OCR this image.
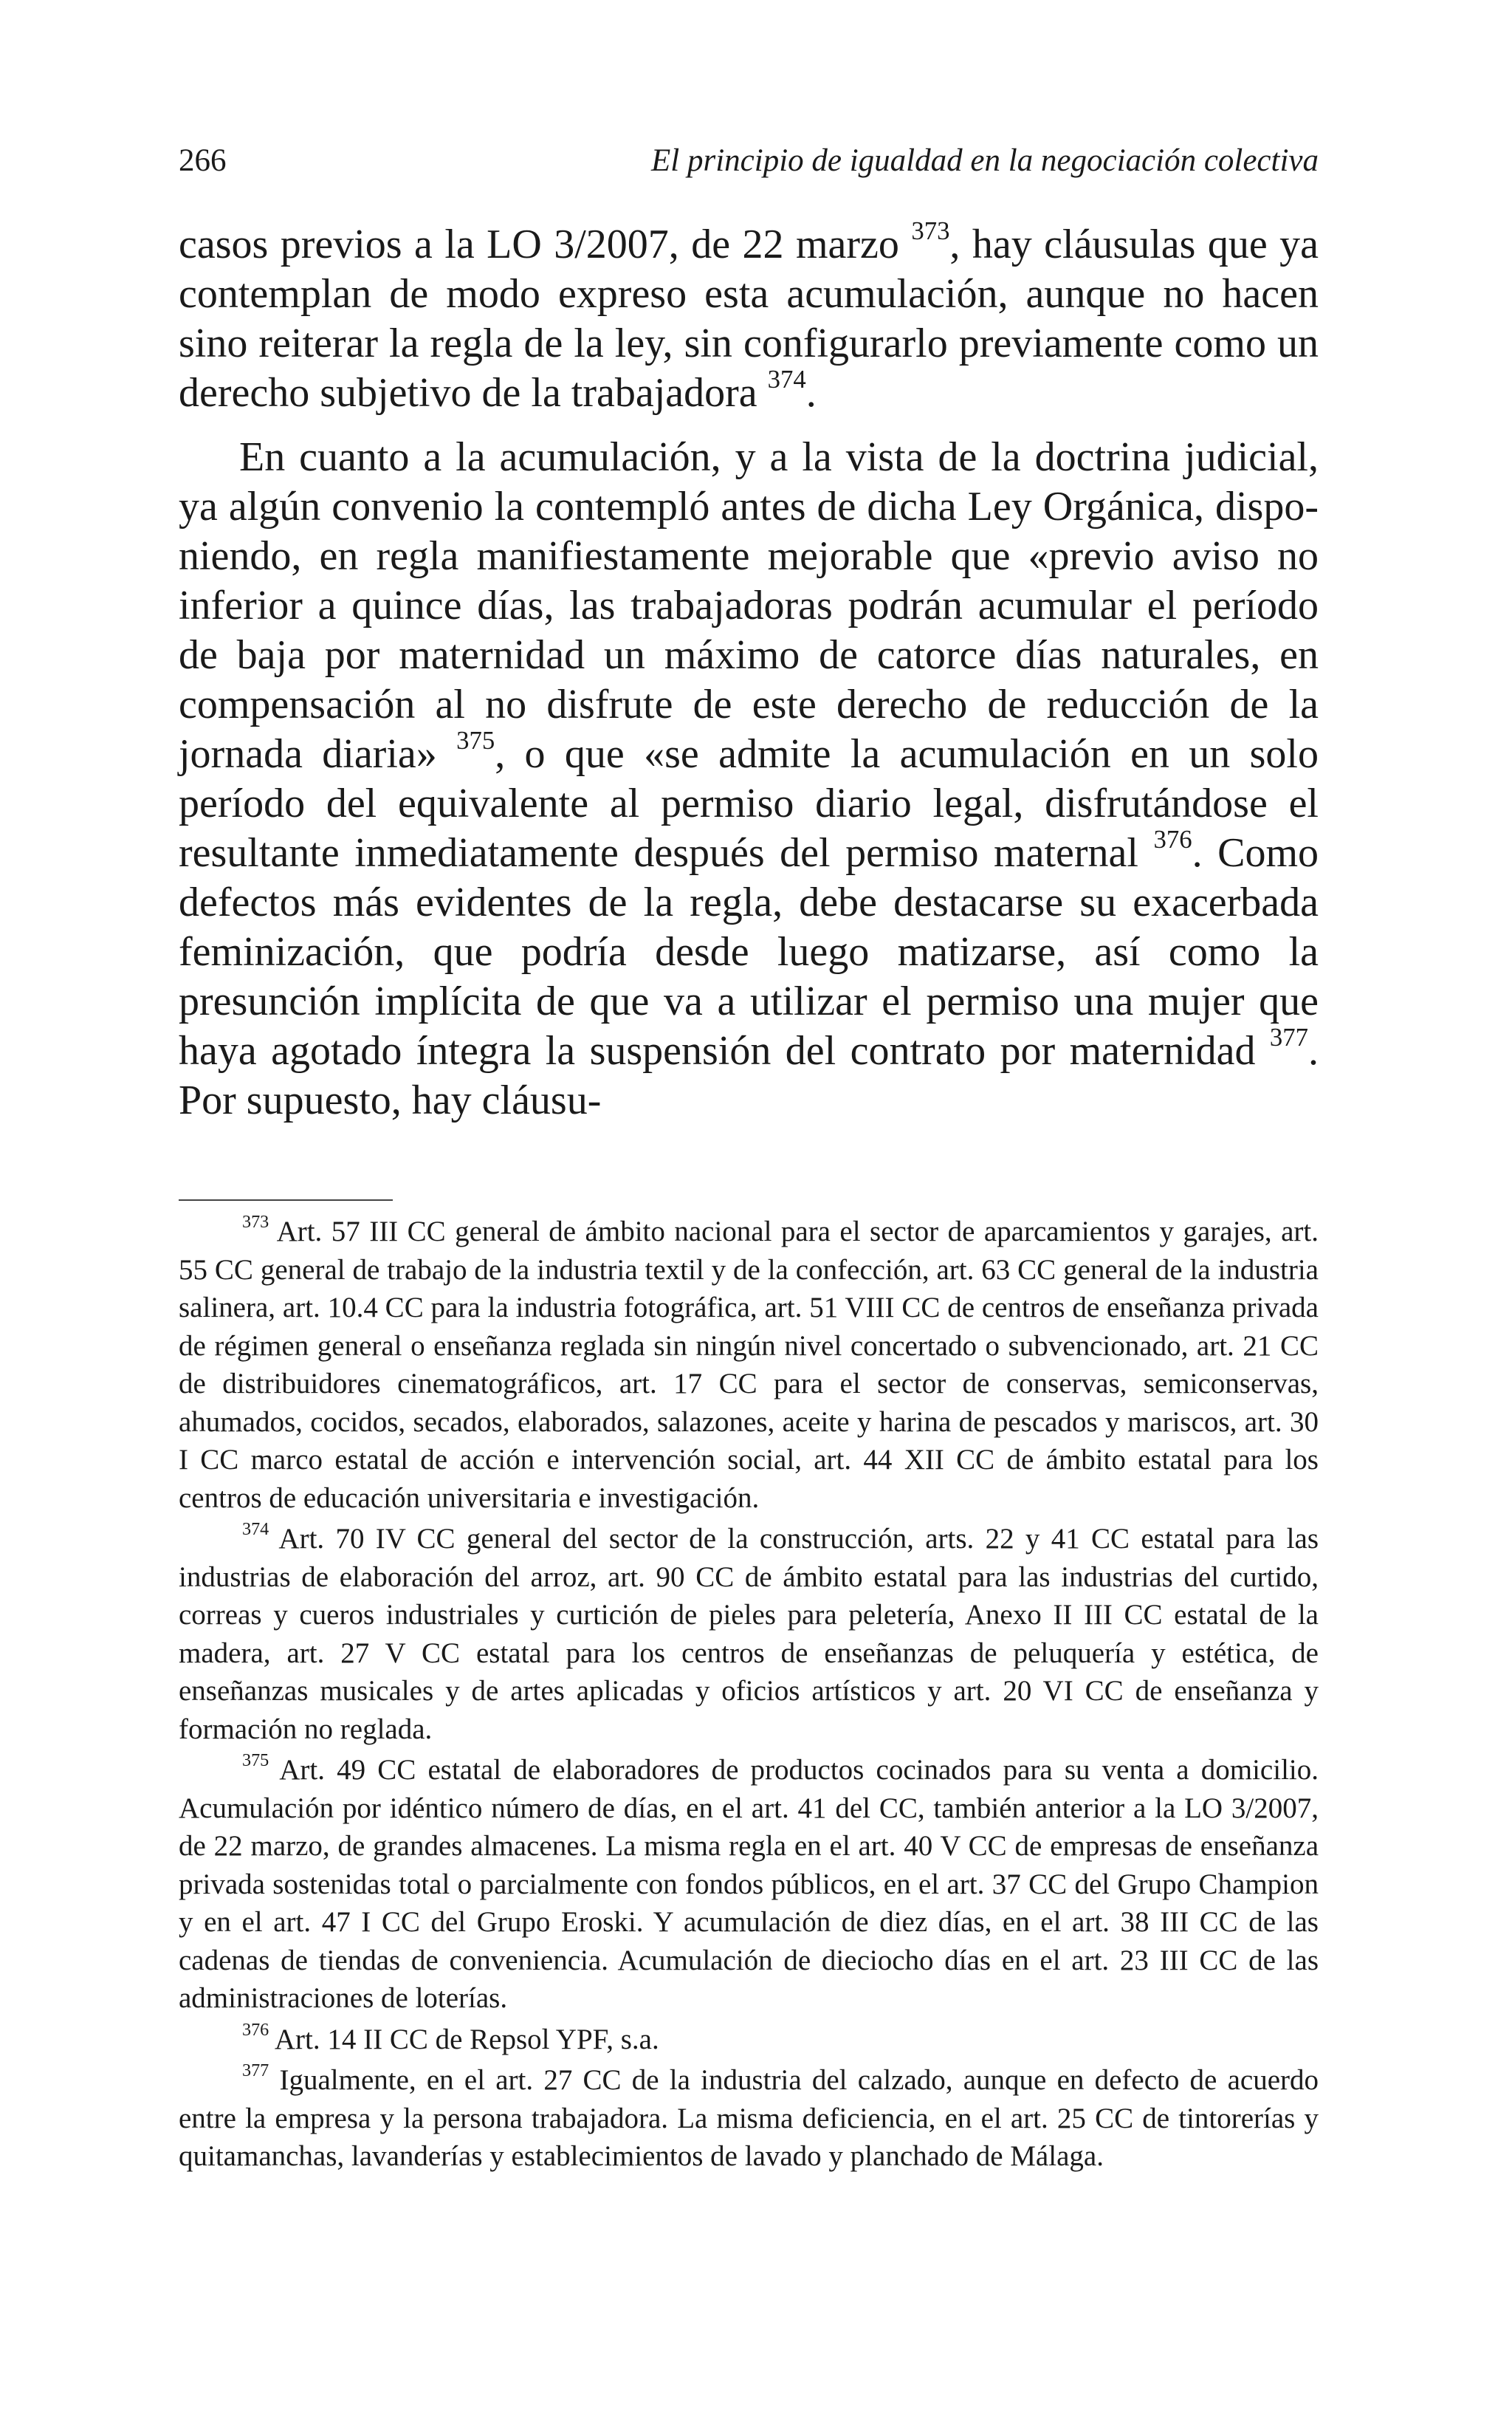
266	El principio de igualdad en la negociación colectiva

casos previos a la LO 3/2007, de 22 marzo $^{373}$, hay cláusulas que ya contemplan de modo expreso esta acumulación, aunque no hacen sino reiterar la regla de la ley, sin configurarlo previamente como un derecho subjetivo de la trabajadora $^{374}$.

En cuanto a la acumulación, y a la vista de la doctrina judicial, ya algún convenio la contempló antes de dicha Ley Orgánica, disponiendo, en regla manifiestamente mejorable que «previo aviso no inferior a quince días, las trabajadoras podrán acumular el período de baja por maternidad un máximo de catorce días naturales, en compensación al no disfrute de este derecho de reducción de la jornada diaria» $^{375}$, o que «se admite la acumulación en un solo período del equivalente al permiso diario legal, disfrutándose el resultante inmediatamente después del permiso maternal $^{376}$. Como defectos más evidentes de la regla, debe destacarse su exacerbada feminización, que podría desde luego matizarse, así como la presunción implícita de que va a utilizar el permiso una mujer que haya agotado íntegra la suspensión del contrato por maternidad $^{377}$. Por supuesto, hay cláusu-

$^{373}$ Art. 57 III CC general de ámbito nacional para el sector de aparcamientos y garajes, art. 55 CC general de trabajo de la industria textil y de la confección, art. 63 CC general de la industria salinera, art. 10.4 CC para la industria fotográfica, art. 51 VIII CC de centros de enseñanza privada de régimen general o enseñanza reglada sin ningún nivel concertado o subvencionado, art. 21 CC de distribuidores cinematográficos, art. 17 CC para el sector de conservas, semiconservas, ahumados, cocidos, secados, elaborados, salazones, aceite y harina de pescados y mariscos, art. 30 I CC marco estatal de acción e intervención social, art. 44 XII CC de ámbito estatal para los centros de educación universitaria e investigación.

$^{374}$ Art. 70 IV CC general del sector de la construcción, arts. 22 y 41 CC estatal para las industrias de elaboración del arroz, art. 90 CC de ámbito estatal para las industrias del curtido, correas y cueros industriales y curtición de pieles para peletería, Anexo II III CC estatal de la madera, art. 27 V CC estatal para los centros de enseñanzas de peluquería y estética, de enseñanzas musicales y de artes aplicadas y oficios artísticos y art. 20 VI CC de enseñanza y formación no reglada.

$^{375}$ Art. 49 CC estatal de elaboradores de productos cocinados para su venta a domicilio. Acumulación por idéntico número de días, en el art. 41 del CC, también anterior a la LO 3/2007, de 22 marzo, de grandes almacenes. La misma regla en el art. 40 V CC de empresas de enseñanza privada sostenidas total o parcialmente con fondos públicos, en el art. 37 CC del Grupo Champion y en el art. 47 I CC del Grupo Eroski. Y acumulación de diez días, en el art. 38 III CC de las cadenas de tiendas de conveniencia. Acumulación de dieciocho días en el art. 23 III CC de las administraciones de loterías.

$^{376}$ Art. 14 II CC de Repsol YPF, s.a.

$^{377}$ Igualmente, en el art. 27 CC de la industria del calzado, aunque en defecto de acuerdo entre la empresa y la persona trabajadora. La misma deficiencia, en el art. 25 CC de tintorerías y quitamanchas, lavanderías y establecimientos de lavado y planchado de Málaga.
